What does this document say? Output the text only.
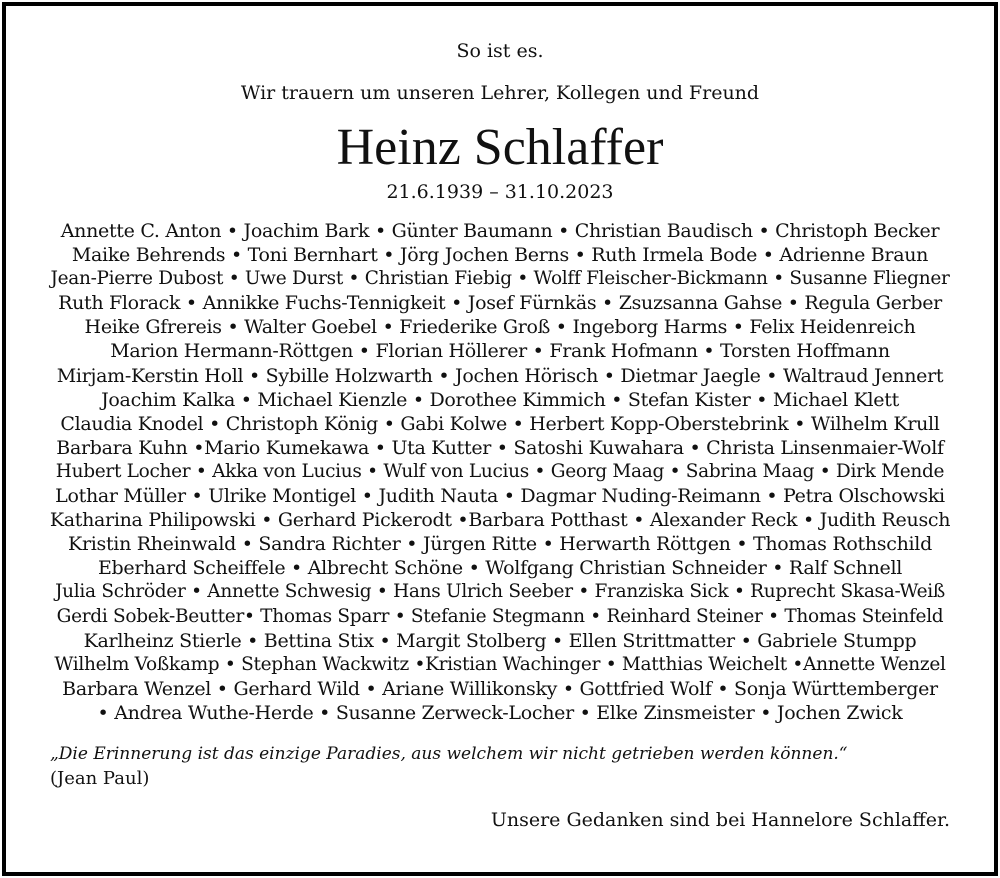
So ist es.
Wir trauern um unseren Lehrer, Kollegen und Freund
Heinz Schlaffer
21.6.1939 – 31.10.2023
Annette C. Anton • Joachim Bark • Günter Baumann • Christian Baudisch • Christoph Becker
Maike Behrends • Toni Bernhart • Jörg Jochen Berns • Ruth Irmela Bode • Adrienne Braun
Jean-Pierre Dubost • Uwe Durst • Christian Fiebig • Wolff Fleischer-Bickmann • Susanne Fliegner
Ruth Florack • Annikke Fuchs-Tennigkeit • Josef Fürnkäs • Zsuzsanna Gahse • Regula Gerber
Heike Gfrereis • Walter Goebel • Friederike Groß • Ingeborg Harms • Felix Heidenreich
Marion Hermann-Röttgen • Florian Höllerer • Frank Hofmann • Torsten Hoffmann
Mirjam-Kerstin Holl • Sybille Holzwarth • Jochen Hörisch • Dietmar Jaegle • Waltraud Jennert
Joachim Kalka • Michael Kienzle • Dorothee Kimmich • Stefan Kister • Michael Klett
Claudia Knodel • Christoph König • Gabi Kolwe • Herbert Kopp-Oberstebrink • Wilhelm Krull
Barbara Kuhn •Mario Kumekawa • Uta Kutter • Satoshi Kuwahara • Christa Linsenmaier-Wolf
Hubert Locher • Akka von Lucius • Wulf von Lucius • Georg Maag • Sabrina Maag • Dirk Mende
Lothar Müller • Ulrike Montigel • Judith Nauta • Dagmar Nuding-Reimann • Petra Olschowski
Katharina Philipowski • Gerhard Pickerodt •Barbara Potthast • Alexander Reck • Judith Reusch
Kristin Rheinwald • Sandra Richter • Jürgen Ritte • Herwarth Röttgen • Thomas Rothschild
Eberhard Scheiffele • Albrecht Schöne • Wolfgang Christian Schneider • Ralf Schnell
Julia Schröder • Annette Schwesig • Hans Ulrich Seeber • Franziska Sick • Ruprecht Skasa-Weiß
Gerdi Sobek-Beutter• Thomas Sparr • Stefanie Stegmann • Reinhard Steiner • Thomas Steinfeld
Karlheinz Stierle • Bettina Stix • Margit Stolberg • Ellen Strittmatter • Gabriele Stumpp
Wilhelm Voßkamp • Stephan Wackwitz •Kristian Wachinger • Matthias Weichelt •Annette Wenzel
Barbara Wenzel • Gerhard Wild • Ariane Willikonsky • Gottfried Wolf • Sonja Württemberger
• Andrea Wuthe-Herde • Susanne Zerweck-Locher • Elke Zinsmeister • Jochen Zwick
„Die Erinnerung ist das einzige Paradies, aus welchem wir nicht getrieben werden können.“
(Jean Paul)
Unsere Gedanken sind bei Hannelore Schlaffer.
